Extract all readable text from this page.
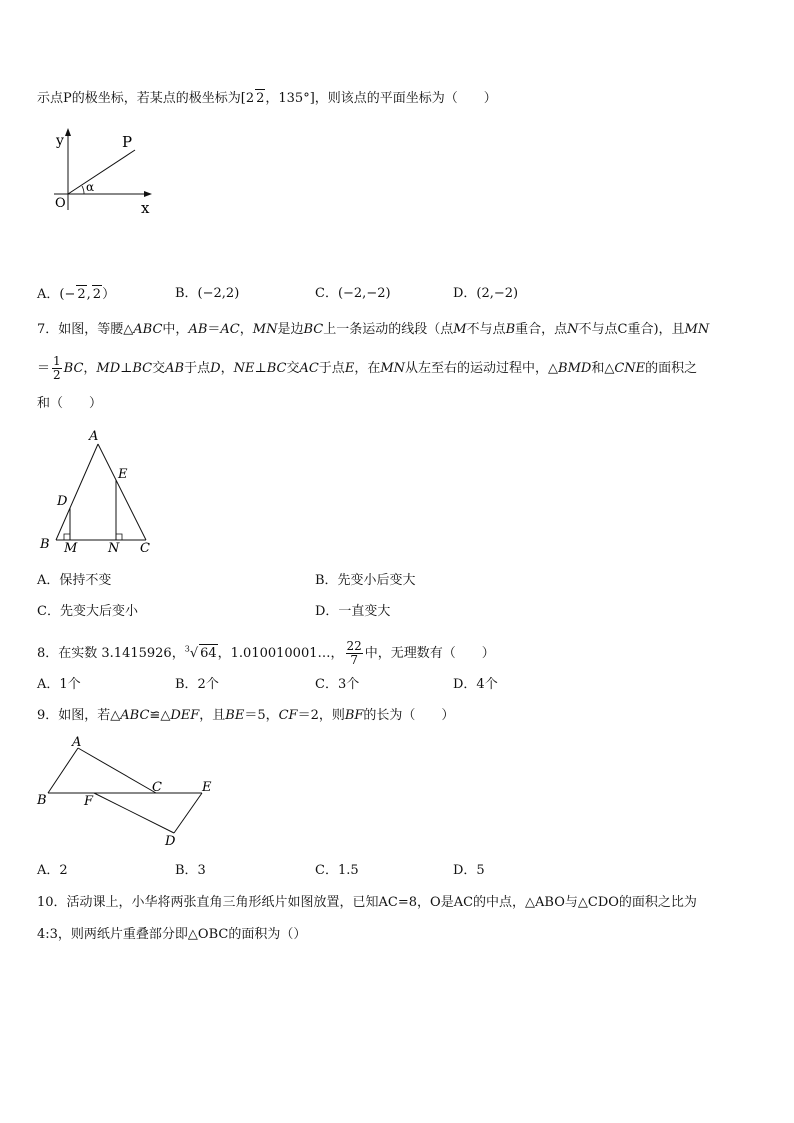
示点P的极坐标，若某点的极坐标为[2 2，135°]，则该点的平面坐标为（　　）
y	P
O
α
x
A．(− 2, 2）	B．(−2,2)	C．(−2,−2)	D．(2,−2)
7．如图，等腰△ABC中，AB＝AC，MN是边BC上一条运动的线段（点M不与点B重合，点N不与点C重合)，且MN
＝ $\frac{1}{2}$ BC，MD⊥BC交AB于点D，NE⊥BC交AC于点E，在MN从左至右的运动过程中，△BMD和△CNE的面积之
和（　　）
A
E
D
B M N C
A．保持不变	B．先变小后变大
C．先变大后变小	D．一直变大
8．在实数 3.1415926，$^3$√ 64，1.010010001…， $\frac{22}{7}$ 中，无理数有（　　）
A．1个	B．2个	C．3个	D．4个
9．如图，若△ABC≌△DEF，且BE＝5，CF＝2，则BF的长为（　　）
A
C	E
B	F
D
A．2	B．3	C．1.5	D．5
10．活动课上，小华将两张直角三角形纸片如图放置，已知AC=8，O是AC的中点，△ABO与△CDO的面积之比为
4:3，则两纸片重叠部分即△OBC的面积为（）
